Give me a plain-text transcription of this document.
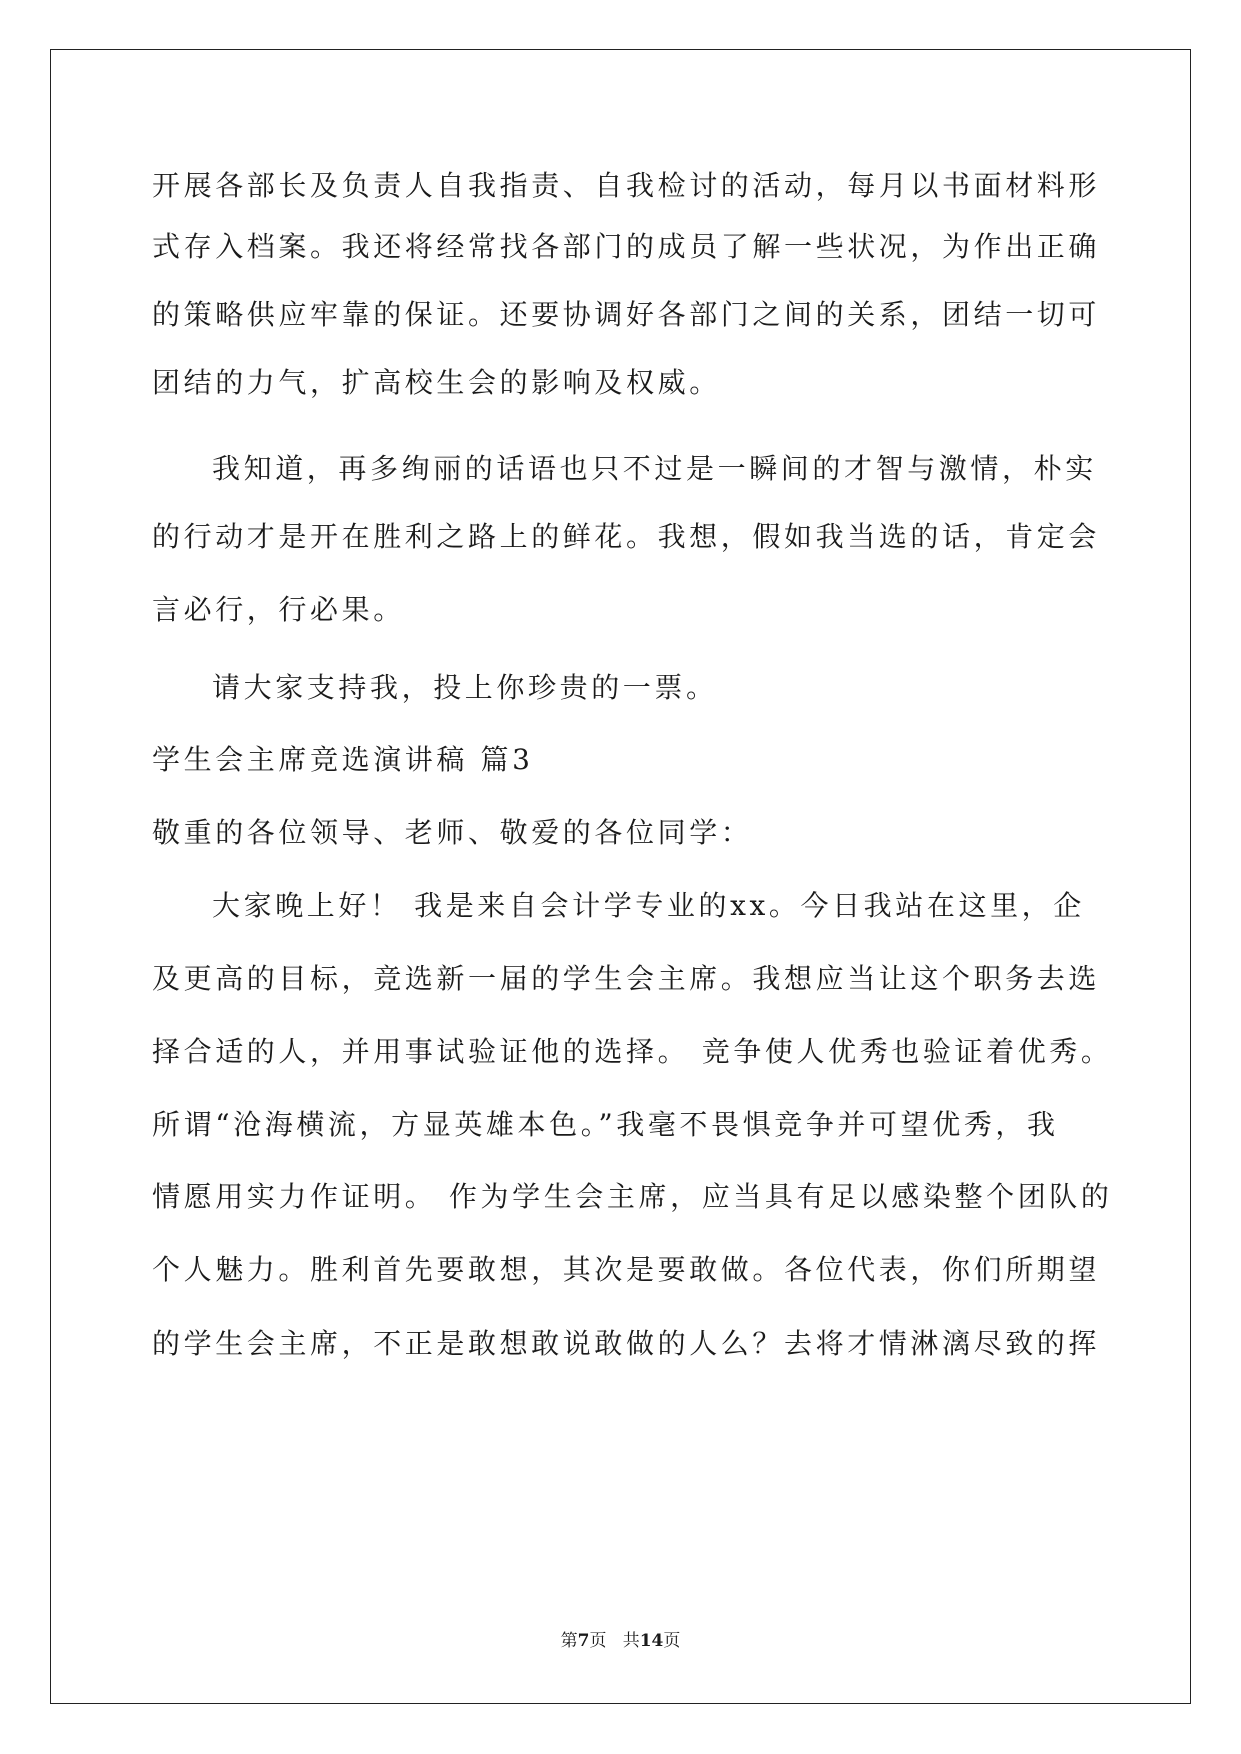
开展各部长及负责人自我指责、自我检讨的活动，每月以书面材料形
式存入档案。我还将经常找各部门的成员了解一些状况，为作出正确
的策略供应牢靠的保证。还要协调好各部门之间的关系，团结一切可
团结的力气，扩高校生会的影响及权威。
我知道，再多绚丽的话语也只不过是一瞬间的才智与激情，朴实
的行动才是开在胜利之路上的鲜花。我想，假如我当选的话，肯定会
言必行，行必果。
请大家支持我，投上你珍贵的一票。
学生会主席竞选演讲稿 篇3
敬重的各位领导、老师、敬爱的各位同学：
大家晚上好！ 我是来自会计学专业的xx。今日我站在这里，企
及更高的目标，竞选新一届的学生会主席。我想应当让这个职务去选
择合适的人，并用事试验证他的选择。 竞争使人优秀也验证着优秀。
所谓“沧海横流，方显英雄本色。”我毫不畏惧竞争并可望优秀，我
情愿用实力作证明。 作为学生会主席，应当具有足以感染整个团队的
个人魅力。胜利首先要敢想，其次是要敢做。各位代表，你们所期望
的学生会主席，不正是敢想敢说敢做的人么？去将才情淋漓尽致的挥
第7页 共14页
